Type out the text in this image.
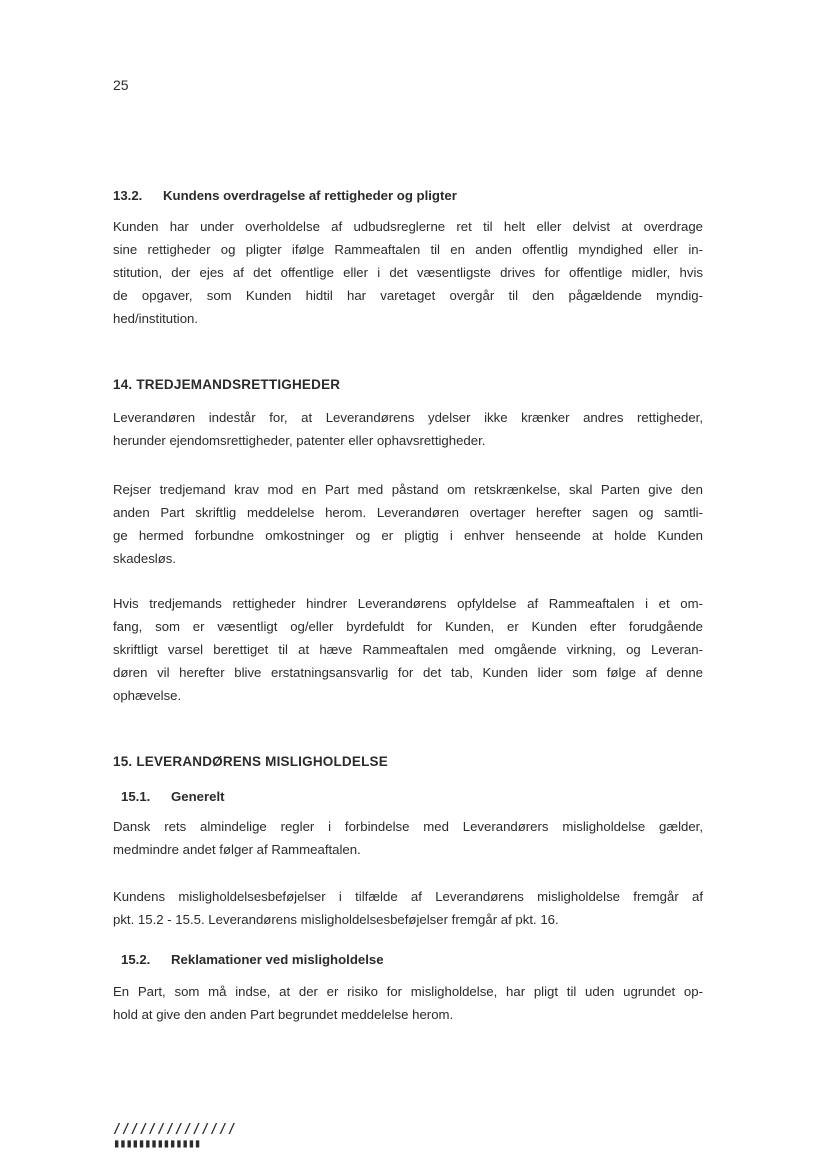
25
13.2. Kundens overdragelse af rettigheder og pligter
Kunden har under overholdelse af udbudsreglerne ret til helt eller delvist at overdrage
sine rettigheder og pligter ifølge Rammeaftalen til en anden offentlig myndighed eller in-
stitution, der ejes af det offentlige eller i det væsentligste drives for offentlige midler, hvis
de opgaver, som Kunden hidtil har varetaget overgår til den pågældende myndig-
hed/institution.
14. TREDJEMANDSRETTIGHEDER
Leverandøren indestår for, at Leverandørens ydelser ikke krænker andres rettigheder,
herunder ejendomsrettigheder, patenter eller ophavsrettigheder.
Rejser tredjemand krav mod en Part med påstand om retskrænkelse, skal Parten give den
anden Part skriftlig meddelelse herom. Leverandøren overtager herefter sagen og samtli-
ge hermed forbundne omkostninger og er pligtig i enhver henseende at holde Kunden
skadesløs.
Hvis tredjemands rettigheder hindrer Leverandørens opfyldelse af Rammeaftalen i et om-
fang, som er væsentligt og/eller byrdefuldt for Kunden, er Kunden efter forudgående
skriftligt varsel berettiget til at hæve Rammeaftalen med omgående virkning, og Leveran-
døren vil herefter blive erstatningsansvarlig for det tab, Kunden lider som følge af denne
ophævelse.
15. LEVERANDØRENS MISLIGHOLDELSE
15.1. Generelt
Dansk rets almindelige regler i forbindelse med Leverandørers misligholdelse gælder,
medmindre andet følger af Rammeaftalen.
Kundens misligholdelsesbeføjelser i tilfælde af Leverandørens misligholdelse fremgår af
pkt. 15.2 - 15.5. Leverandørens misligholdelsesbeføjelser fremgår af pkt. 16.
15.2. Reklamationer ved misligholdelse
En Part, som må indse, at der er risiko for misligholdelse, har pligt til uden ugrundet op-
hold at give den anden Part begrundet meddelelse herom.
//////////////
▮▮▮▮▮▮▮▮▮▮▮▮▮▮
